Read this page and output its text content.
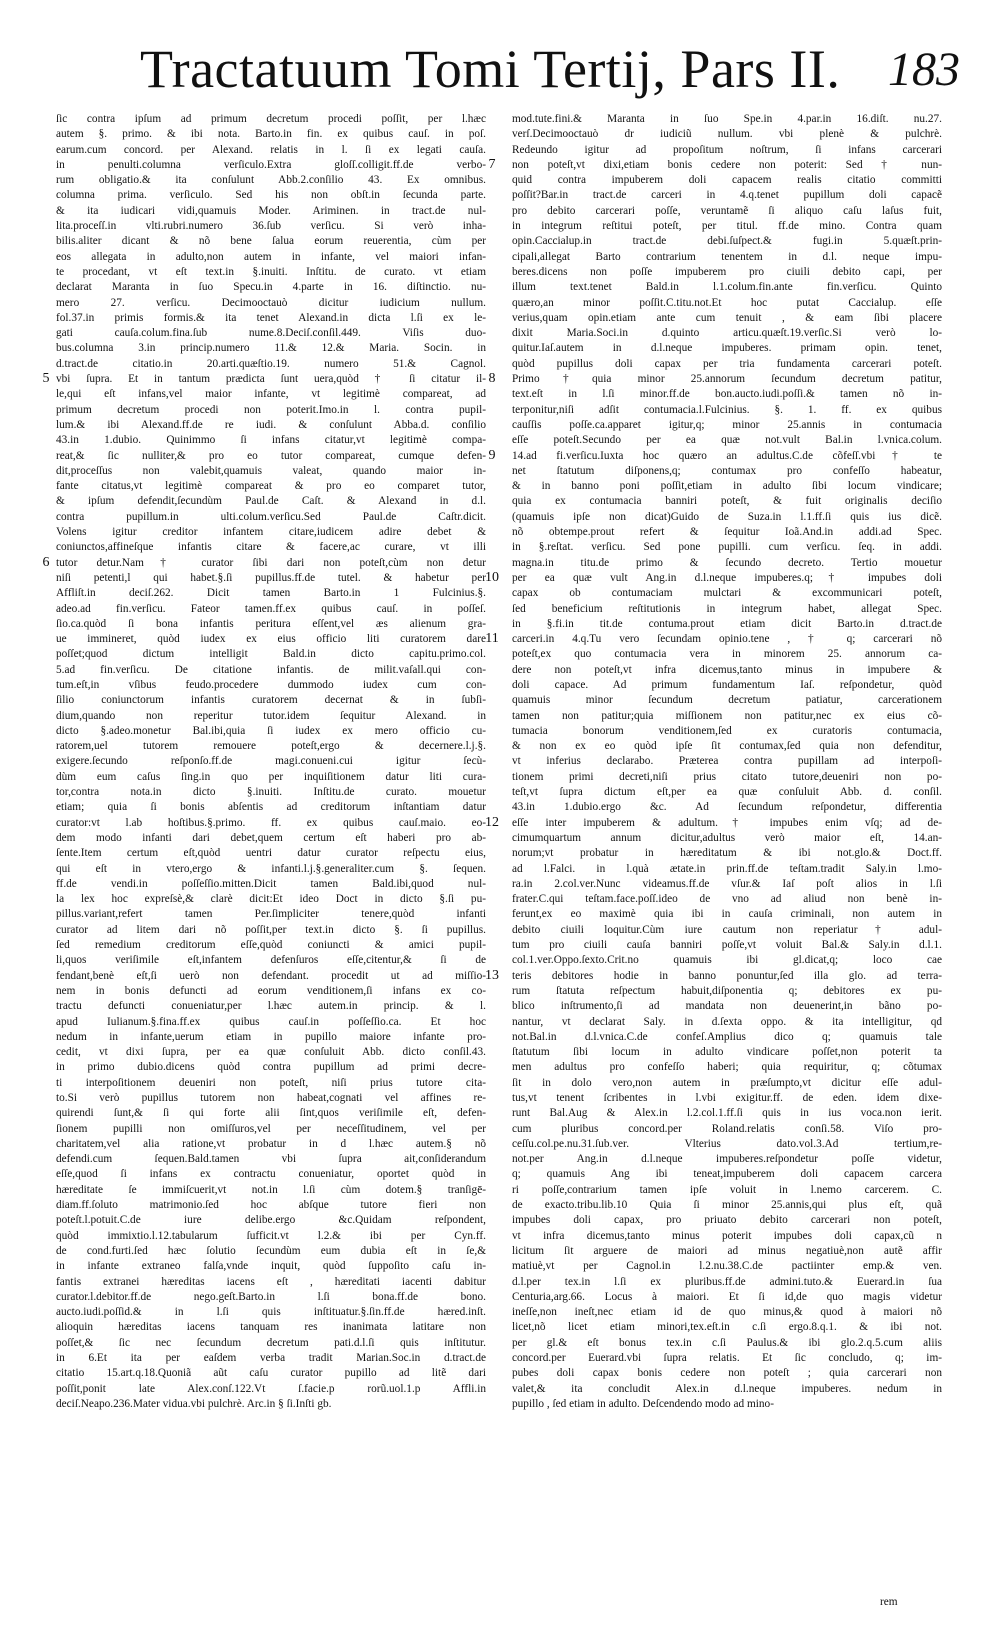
Tractatuum Tomi Tertij, Pars II. 183
ſic contra ipſum ad primum decretum procedi poſſit, per l.hæc
autem §. primo. & ibi nota. Barto.in fin. ex quibus cauſ. in poſ.
earum.cum concord. per Alexand. relatis in l. ſi ex legati cauſa.
in penulti.columna verſiculo.Extra gloſſ.colligit.ff.de verbo-
rum obligatio.& ita conſulunt Abb.2.conſilio 43. Ex omnibus.
columna prima. verſiculo. Sed his non obſt.in ſecunda parte.
& ita iudicari vidi,quamuis Moder. Ariminen. in tract.de nul-
lita.proceſſ.in vlti.rubri.numero 36.ſub verſicu. Si verò inha-
bilis.aliter dicant & nõ bene ſalua eorum reuerentia, cùm per
eos allegata in adulto,non autem in infante, vel maiori infan-
te procedant, vt eſt text.in §.inuiti. Inſtitu. de curato. vt etiam
declarat Maranta in ſuo Specu.in 4.parte in 16. diſtinctio. nu-
mero 27. verſicu. Decimooctauò dicitur iudicium nullum.
fol.37.in primis formis.& ita tenet Alexand.in dicta l.ſi ex le-
gati cauſa.colum.fina.ſub nume.8.Deciſ.conſil.449. Viſis duo-
bus.columna 3.in princip.numero 11.& 12.& Maria. Socin. in
d.tract.de citatio.in 20.arti.quæſtio.19. numero 51.& Cagnol.
vbi ſupra. Et in tantum prædicta ſunt uera,quòd † ſi citatur il-
le,qui eſt infans,vel maior infante, vt legitimè compareat, ad
primum decretum procedi non poterit.Imo.in l. contra pupil-
lum.& ibi Alexand.ff.de re iudi. & conſulunt Abba.d. conſilio
43.in 1.dubio. Quinimmo ſi infans citatur,vt legitimè compa-
reat,& ſic nulliter,& pro eo tutor compareat, cumque defen-
dit,proceſſus non valebit,quamuis valeat, quando maior in-
fante citatus,vt legitimè compareat & pro eo comparet tutor,
& ipſum defendit,ſecundùm Paul.de Caſt. & Alexand in d.l.
contra pupillum.in ulti.colum.verſicu.Sed Paul.de Caſtr.dicit.
Volens igitur creditor infantem citare,iudicem adire debet &
coniunctos,affineſque infantis citare & facere,ac curare, vt illi
tutor detur.Nam† curator ſibi dari non poteſt,cùm non detur
niſi petenti,l qui habet.§.ſi pupillus.ff.de tutel. & habetur per
Affliſt.in deciſ.262. Dicit tamen Barto.in 1 Fulcinius.§.
adeo.ad fin.verſicu. Fateor tamen.ff.ex quibus cauſ. in poſſeſ.
ſio.ca.quòd ſi bona infantis peritura eſſent,vel æs alienum gra-
ue immineret, quòd iudex ex eius officio liti curatorem dare
poſſet;quod dictum intelligit Bald.in dicto capitu.primo.col.
5.ad fin.verſicu. De citatione infantis. de milit.vaſall.qui con-
tum.eſt,in vſibus feudo.procedere dummodo iudex cum con-
ſilio coniunctorum infantis curatorem decernat & in ſubſi-
dium,quando non reperitur tutor.idem ſequitur Alexand. in
dicto §.adeo.monetur Bal.ibi,quia ſi iudex ex mero officio cu-
ratorem,uel tutorem remouere poteſt,ergo & decernere.l.j.§.
exigere.ſecundo reſponſo.ff.de magi.conueni.cui igitur ſecù-
dùm eum caſus ſing.in quo per inquiſitionem datur liti cura-
tor,contra nota.in dicto §.inuiti. Inſtitu.de curato. mouetur
etiam; quia ſi bonis abſentis ad creditorum inſtantiam datur
curator:vt l.ab hoſtibus.§.primo. ff. ex quibus cauſ.maio. eo-
dem modo infanti dari debet,quem certum eſt haberi pro ab-
ſente.Item certum eſt,quòd uentri datur curator reſpectu eius,
qui eſt in vtero,ergo & infanti.l.j.§.generaliter.cum §. ſequen.
ff.de vendi.in poſſeſſio.mitten.Dicit tamen Bald.ibi,quod nul-
la lex hoc expreſsè,& clarè dicit:Et ideo Doct in dicto §.ſi pu-
pillus.variant,refert tamen Per.ſimpliciter tenere,quòd infanti
curator ad litem dari nõ poſſit,per text.in dicto §. ſi pupillus.
ſed remedium creditorum eſſe,quòd coniuncti & amici pupil-
li,quos veriſimile eſt,infantem defenſuros eſſe,citentur,& ſi de
fendant,benè eſt,ſi uerò non defendant. procedit ut ad miſſio-
nem in bonis defuncti ad eorum venditionem,ſi infans ex co-
tractu defuncti conueniatur,per l.hæc autem.in princip. & l.
apud Iulianum.§.fina.ff.ex quibus cauſ.in poſſeſſio.ca. Et hoc
nedum in infante,uerum etiam in pupillo maiore infante pro-
cedit, vt dixi ſupra, per ea quæ conſuluit Abb. dicto conſil.43.
in primo dubio.dicens quòd contra pupillum ad primi decre-
ti interpoſitionem deueniri non poteſt, niſi prius tutore cita-
to.Si verò pupillus tutorem non habeat,cognati vel affines re-
quirendi ſunt,& ſi qui forte alii ſint,quos veriſimile eſt, defen-
ſionem pupilli non omiſſuros,vel per neceſſitudinem, vel per
charitatem,vel alia ratione,vt probatur in d l.hæc autem.§ nõ
defendi.cum ſequen.Bald.tamen vbi ſupra ait,conſiderandum
eſſe,quod ſi infans ex contractu conueniatur, oportet quòd in
hæreditate ſe immiſcuerit,vt not.in l.ſi cùm dotem.§ tranſigē-
diam.ff.ſoluto matrimonio.ſed hoc abſque tutore fieri non
poteſt.l.potuit.C.de iure delibe.ergo &c.Quidam reſpondent,
quòd immixtio.l.12.tabularum ſufficit.vt l.2.& ibi per Cyn.ff.
de cond.furti.ſed hæc ſolutio ſecundùm eum dubia eſt in ſe,&
in infante extraneo falſa,vnde inquit, quòd ſuppoſito caſu in-
fantis extranei hæreditas iacens eſt , hæreditati iacenti dabitur
curator.l.debitor.ff.de nego.geſt.Barto.in l.ſi bona.ff.de bono.
aucto.iudi.poſſid.& in l.ſi quis inſtituatur.§.ſin.ff.de hæred.inſt.
alioquin hæreditas iacens tanquam res inanimata latitare non
poſſet,& ſic nec ſecundum decretum pati.d.l.ſi quis inſtitutur.
in 6.Et ita per eaſdem verba tradit Marian.Soc.in d.tract.de
citatio 15.art.q.18.Quoniã aũt caſu curator pupillo ad litẽ dari
poſſit,ponit late Alex.conſ.122.Vt ſ.facie.p rorũ.uol.1.p Affli.in
deciſ.Neapo.236.Mater vidua.vbi pulchrè. Arc.in § ſi.Inſti gb.
mod.tute.fini.& Maranta in ſuo Spe.in 4.par.in 16.diſt. nu.27.
verſ.Decimooctauò dr iudiciũ nullum. vbi plenè & pulchrè.
Redeundo igitur ad propoſitum noſtrum, ſi infans carcerari
non poteſt,vt dixi,etiam bonis cedere non poterit: Sed † nun-
quid contra impuberem doli capacem realis citatio committi
poſſit?Bar.in tract.de carceri in 4.q.tenet pupillum doli capacẽ
pro debito carcerari poſſe, veruntamẽ ſi aliquo caſu laſus fuit,
in integrum reſtitui poteſt, per titul. ff.de mino. Contra quam
opin.Caccialup.in tract.de debi.ſuſpect.& fugi.in 5.quæſt.prin-
cipali,allegat Barto contrarium tenentem in d.l. neque impu-
beres.dicens non poſſe impuberem pro ciuili debito capi, per
illum text.tenet Bald.in l.1.colum.fin.ante fin.verſicu. Quinto
quæro,an minor poſſit.C.titu.not.Et hoc putat Caccialup. eſſe
verius,quam opin.etiam ante cum tenuit , & eam ſibi placere
dixit Maria.Soci.in d.quinto articu.quæſt.19.verſic.Si verò lo-
quitur.Iaſ.autem in d.l.neque impuberes. primam opin. tenet,
quòd pupillus doli capax per tria fundamenta carcerari poteſt.
Primo†quia minor 25.annorum ſecundum decretum patitur,
text.eſt in l.ſi minor.ff.de bon.aucto.iudi.poſſi.& tamen nõ in-
terponitur,niſi adſit contumacia.l.Fulcinius. §. 1. ff. ex quibus
cauſſis poſſe.ca.apparet igitur,q; minor 25.annis in contumacia
eſſe poteſt.Secundo per ea quæ not.vult Bal.in l.vnica.colum.
14.ad fi.verſicu.Iuxta hoc quæro an adultus.C.de cõfeſſ.vbi† te
net ſtatutum diſponens,q; contumax pro confeſſo habeatur,
& in banno poni poſſit,etiam in adulto ſibi locum vindicare;
quia ex contumacia banniri poteſt, & fuit originalis deciſio
(quamuis ipſe non dicat)Guido de Suza.in l.1.ff.ſi quis ius dicẽ.
nõ obtempe.prout refert & ſequitur Ioã.And.in addi.ad Spec.
in §.reſtat. verſicu. Sed pone pupilli. cum verſicu. ſeq. in addi.
magna.in titu.de primo & ſecundo decreto. Tertio mouetur
per ea quæ vult Ang.in d.l.neque impuberes.q;† impubes doli
capax ob contumaciam mulctari & excommunicari poteſt,
ſed beneficium reſtitutionis in integrum habet, allegat Spec.
in §.fi.in tit.de contuma.prout etiam dicit Barto.in d.tract.de
carceri.in 4.q.Tu vero ſecundam opinio.tene , † q; carcerari nõ
poteſt,ex quo contumacia vera in minorem 25. annorum ca-
dere non poteſt,vt infra dicemus,tanto minus in impubere &
doli capace. Ad primum fundamentum Iaſ. reſpondetur, quòd
quamuis minor ſecundum decretum patiatur, carcerationem
tamen non patitur;quia miſſionem non patitur,nec ex eius cõ-
tumacia bonorum venditionem,ſed ex curatoris contumacia,
& non ex eo quòd ipſe ſit contumax,ſed quia non defenditur,
vt inferius declarabo. Præterea contra pupillam ad interpoſi-
tionem primi decreti,niſi prius citato tutore,deueniri non po-
teſt,vt ſupra dictum eſt,per ea quæ conſuluit Abb. d. conſil.
43.in 1.dubio.ergo &c. Ad ſecundum reſpondetur, differentia
eſſe inter impuberem & adultum.† impubes enim vſq; ad de-
cimumquartum annum dicitur,adultus verò maior eſt, 14.an-
norum;vt probatur in hæreditatum & ibi not.glo.& Doct.ff.
ad l.Falci. in l.quà ætate.in prin.ff.de teſtam.tradit Saly.in l.mo-
ra.in 2.col.ver.Nunc videamus.ff.de vſur.& Iaſ poſt alios in l.ſi
frater.C.qui teſtam.face.poſſ.ideo de vno ad aliud non benè in-
ferunt,ex eo maximè quia ibi in cauſa criminali, non autem in
debito ciuili loquitur.Cùm iure cautum non reperiatur† adul-
tum pro ciuili cauſa banniri poſſe,vt voluit Bal.& Saly.in d.l.1.
col.1.ver.Oppo.ſexto.Crit.no quamuis ibi gl.dicat,q; loco cae
teris debitores hodie in banno ponuntur,ſed illa glo. ad terra-
rum ſtatuta reſpectum habuit,diſponentia q; debitores ex pu-
blico inſtrumento,ſi ad mandata non deuenerint,in bãno po-
nantur, vt declarat Saly. in d.ſexta oppo. & ita intelligitur, qd
not.Bal.in d.l.vnica.C.de confeſ.Amplius dico q; quamuis tale
ſtatutum ſibi locum in adulto vindicare poſſet,non poterit ta
men adultus pro confeſſo haberi; quia requiritur, q; cõtumax
ſit in dolo vero,non autem in præſumpto,vt dicitur eſſe adul-
tus,vt tenent ſcribentes in l.vbi exigitur.ff. de eden. idem dixe-
runt Bal.Aug & Alex.in l.2.col.1.ff.ſi quis in ius voca.non ierit.
cum pluribus concord.per Roland.relatis conſi.58. Viſo pro-
ceſſu.col.pe.nu.31.ſub.ver. Vlterius dato.vol.3.Ad tertium,re-
not.per Ang.in d.l.neque impuberes.reſpondetur poſſe videtur,
q; quamuis Ang ibi teneat,impuberem doli capacem carcera
ri poſſe,contrarium tamen ipſe voluit in l.nemo carcerem. C.
de exacto.tribu.lib.10 Quia ſi minor 25.annis,qui plus eſt, quã
impubes doli capax, pro priuato debito carcerari non poteſt,
vt infra dicemus,tanto minus poterit impubes doli capax,cũ n
licitum ſit arguere de maiori ad minus negatiuè,non autẽ affir
matiuè,vt per Cagnol.in l.2.nu.38.C.de pactiinter emp.& ven.
d.l.per tex.in l.ſi ex pluribus.ff.de admini.tuto.& Euerard.in ſua
Centuria,arg.66. Locus à maiori. Et ſi id,de quo magis videtur
ineſſe,non ineſt,nec etiam id de quo minus,& quod à maiori nõ
licet,nõ licet etiam minori,tex.eſt.in c.ſi ergo.8.q.1. & ibi not.
per gl.& eſt bonus tex.in c.ſi Paulus.& ibi glo.2.q.5.cum aliis
concord.per Euerard.vbi ſupra relatis. Et ſic concludo, q; im-
pubes doli capax bonis cedere non poteſt ; quia carcerari non
valet,& ita concludit Alex.in d.l.neque impuberes. nedum in
pupillo , ſed etiam in adulto. Deſcendendo modo ad mino-
5
6
7
8
9
10
11
12
13
rem
